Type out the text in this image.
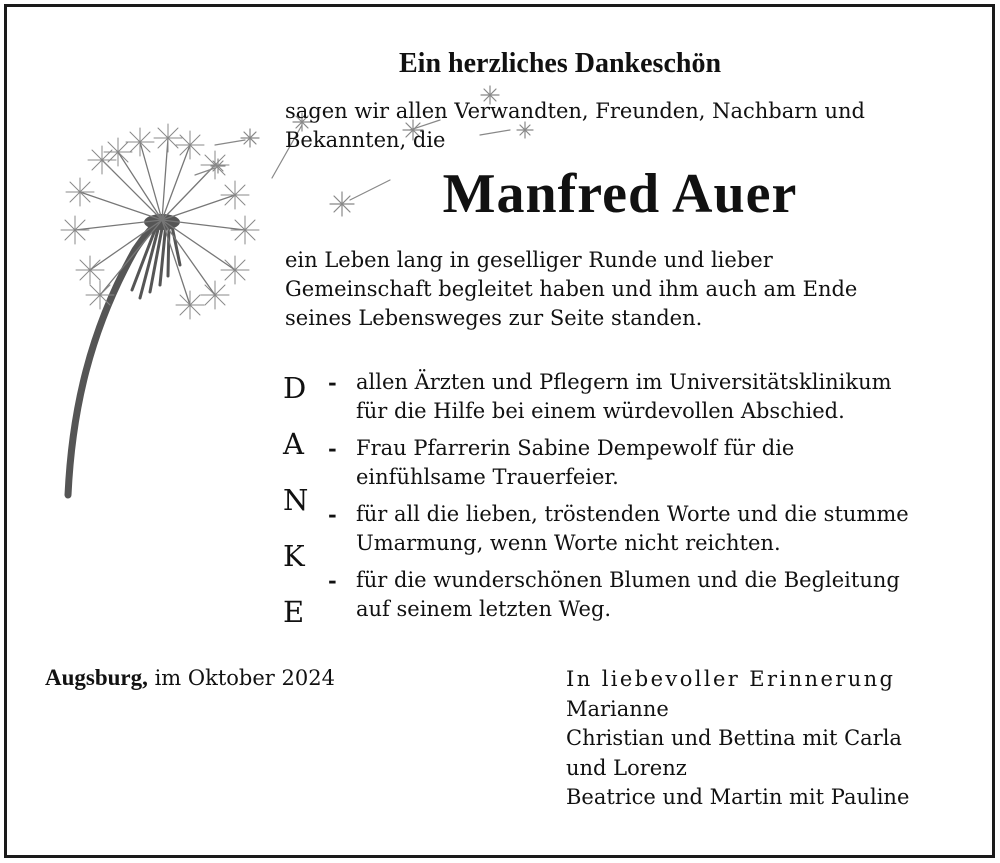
Ein herzliches Dankeschön
sagen wir allen Verwandten, Freunden, Nachbarn und
Bekannten, die
Manfred Auer
ein Leben lang in geselliger Runde und lieber
Gemeinschaft begleitet haben und ihm auch am Ende
seines Lebensweges zur Seite standen.
D
A
N
K
E
- allen Ärzten und Pflegern im Universitätsklinikum
für die Hilfe bei einem würdevollen Abschied.
- Frau Pfarrerin Sabine Dempewolf für die
einfühlsame Trauerfeier.
- für all die lieben, tröstenden Worte und die stumme
Umarmung, wenn Worte nicht reichten.
- für die wunderschönen Blumen und die Begleitung
auf seinem letzten Weg.
Augsburg, im Oktober 2024	In liebevoller Erinnerung
Marianne
Christian und Bettina mit Carla
und Lorenz
Beatrice und Martin mit Pauline
